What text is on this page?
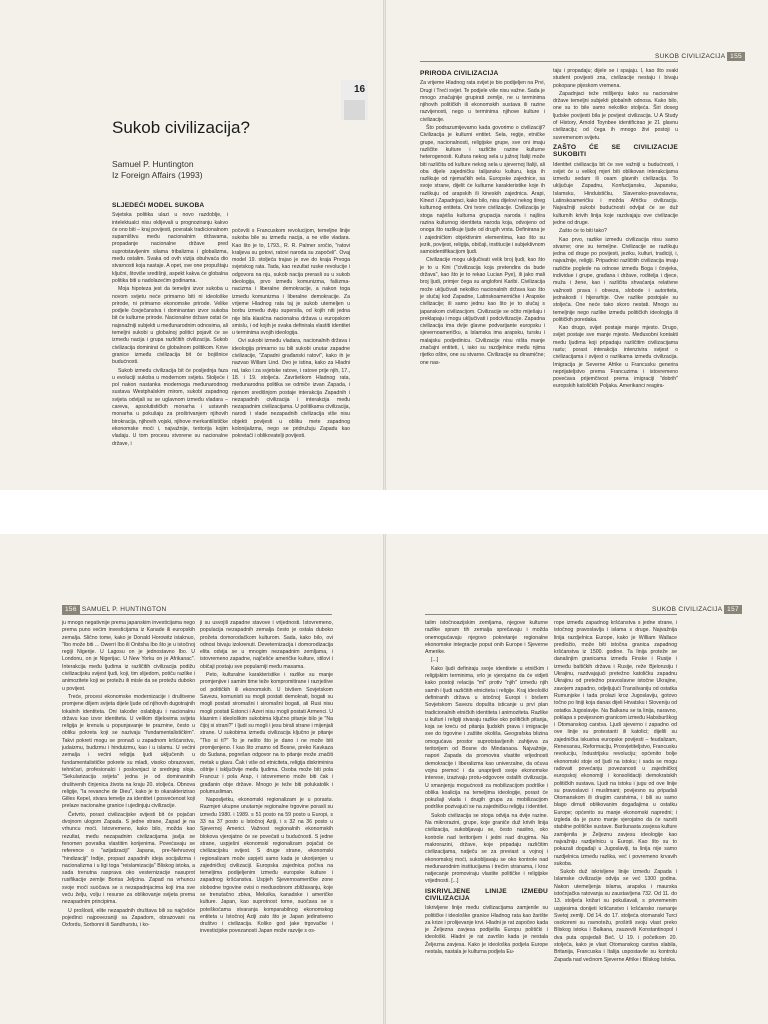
16
Sukob civilizacija?
Samuel P. Huntington
Iz Foreign Affairs (1993)
SLJEDEĆI MODEL SUKOBA

Svjetska politika ulazi u novo razdoblje, i intelektualci nisu oklijevali u prognoziranju kakvo će ono biti – kraj povijesti, povratak tradicionalnom suparništvu među nacionalnim državama, propadanje nacionalne države pred suprotstavljenim silama tribalizma i globalizma, među ostalim. Svaka od ovih vizija obuhvaća dio stvarnosti koja nastaje. A opet, sve one propuštaju ključni, štoviše središnji, aspekt kakva će globalna politika biti u nadolazećim godinama.

Moja hipoteza jest da temeljni izvor sukoba u novom svijetu neće primarno biti ni ideološke prirode, ni primarno ekonomske prirode. Velike podjele čovječanstva i dominantan izvor sukoba bit će kulturne prirode. Nacionalne države ostat će najsnažniji subjekti u međunarodnim odnosima, ali temeljni sukobi u globalnoj politici pojavit će se između nacija i grupa različitih civilizacija. Sukob civilizacija dominirat će globalnom politikom. Krive granice između civilizacija bit će bojišnice budućnosti.

Sukob između civilizacija bit će posljednja faza u evoluciji sukoba u modernom svijetu. Stoljeće i pol nakon nastanka modernoga međunarodnog sustava Westphalskim mirom, sukobi zapadnog svijeta odvijali su se uglavnom između vladara – careva, apsolutističkih monarha i ustavnih monarha u pokušaju za proširivanjem njihovih birokracija, njihovih vojski, njihove merkantilističke ekonomske moći i, najvažnije, teritorija kojim vladaju. U tom procesu stvorene su nacionalne države, i

počevši s Francuskom revolucijom, temeljne linije sukoba bile su između nacija, a ne više vladara. Kao što je to, 1793., R. R. Palmer sročio, "ratovi kraljeva su gotovi, ratovi naroda su započeli". Ovaj model 19. stoljeća trajao je sve do kraja Prvoga svjetskog rata. Tada, kao rezultat ruske revolucije i odgovora na nju, sukob nacija prerasli su u sukob ideologija, prvo između komunizma, fašizma-nacizma i liberalne demokracije, a nakon toga između komunizma i liberalne demokracije. Za vrijeme Hladnog rata taj je sukob utemeljen u borbu između dviju supersila, od kojih niti jedna nije bila klasična nacionalna država u europskom smislu, i od kojih je svaka definirala vlastiti identitet u terminima svojih ideologija.

Ovi sukobi između vladara, nacionalnih država i ideologija primarno su bili sukobi unutar zapadne civilizacije, "Zapadni građanski ratovi", kako ih je nazvao Willam Lind. Ovo je istina, kako za Hladni rat, tako i za svjetske ratove, i ratove prije njih, 17., 18. i 19. stoljeća. Završetkom Hladnog rata, međunarodna politika se odmiče izvan Zapada, i njenom središnjom postaje interakcija Zapadnih i nezapadnih civilizacija i interakcija među nezapadnim civilizacijama. U politikama civilizacija, narodi i vlade nezapadnih civilizacija više nisu objekti povijesti u obliku mete zapadnog kolonijalizma, nego se pridružuju Zapadu kao pokretači i oblikovatelji povijesti.

SUKOB CIVILIZACIJA 155
PRIRODA CIVILIZACIJA

Za vrijeme Hladnog rata svijet je bio podijeljen na Prvi, Drugi i Treći svijet. Te podjele više nisu važne. Sada je mnogo značajnije grupirati zemlje, ne u terminima njihovih političkih ili ekonomskih sustava ili razine razvijenosti, nego u terminima njihove kulture i civilizacije.

Što podrazumijevamo kada govorimo o civilizaciji? Civilizacija je kulturni entitet. Sela, regije, etničke grupe, nacionalnosti, religijske grupe, sve oni imaju različite kulture i različite razine kulturne heterogenosti. Kultura nekog sela u južnoj Italiji može biti različita od kulture nekog sela u sjevernoj Italiji, ali oba dijele zajedničku talijansku kulturu, koja ih razlikuje od njemačkih sela. Europske zajednice, sa svoje strane, dijelit će kulturne karakteristike koje ih razlikuju od arapskih ili kineskih zajednica. Arapi, Kinezi i Zapadnjaci, kako bilo, nisu dijelovi nekog šireg kulturnog entiteta. Oni tvore civilizacije. Civilizacija je stoga najviša kulturna grupacija naroda i najšira razina kulturnog identiteta naroda koja, odvojeno od onoga što razlikuje ljude od drugih vrsta. Definirana je i zajedničkim objektivnim elementima, kao što su jezik, povijest, religija, običaji, institucije i subjektivnom samoidentifikacijom ljudi.

Civilizacije mogu uključivati velik broj ljudi, kao što je to u Kini ("civilizacija koja pretendira da bude država", kao što je to rekao Lucian Pye), ili jako mali broj ljudi, primjer čega su anglofoni Karibi. Civilizacija može uključivati nekoliko nacionalnih država kao što je slučaj kod Zapadne, Latinskoamerničke i Arapske civilizacije; ili samo jednu kao što je to slučaj s japanskom civilizacijom. Civilizacije se očito miješaju i preklapaju i mogu uključivati i podcivilizacije. Zapadna civilizacija ima dvije glavne podvarijante europsku i sjevernoameričku, a Islamska ima arapsku, tursku i malajsku podjedinicu. Civilizacije nisu ništa manje značajni entiteti, i, iako su razdjelnice među njima rijetko oštre, one su stvarne. Civilizacije su dinamične; one nas-

taju i propadaju; dijele se i spajaju. I, kao što svaki student povijesti zna, civilizacije nestaju i bivaju pokopane pijeskom vremena.

Zapadnjaci teže mišljenju kako su nacionalne države temeljni subjekti globalnih odnosa. Kako bilo, one su to bile samo nekoliko stoljeća. Širi doseg ljudske povijesti bila je povijest civilizacija. U A Study of History, Arnold Toynbee identificirao je 21 glavnu civilizaciju; od čega ih mnogo živi postoji u suvremenom svijetu.

ZAŠTO ĆE SE CIVILIZACIJE SUKOBITI

Identitet civilizacija bit će sve važniji u budućnosti, i svijet će u velikoj mjeri biti oblikovan interakcijama između sedam ili osam glavnih civilizacija. To uključuje Zapadnu, Konfucijansku, Japansku, Islamsku, Hinduističku, Slavensko-pravoslavnu, Latinskoameričku i možda Afričku civilizaciju. Najvažniji sukobi budućnosti odvijat će se duž kulturnih krivih linija koje razdvajaju ove civilizacije jedne od druge.

Zašto će to biti tako?

Kao prvo, razlike između civilizacija nisu samo stvarne; one su temeljne. Civilizacije se razlikuju jedna od druge po povijesti, jeziku, kulturi, tradiciji, i, najvažnije, religiji. Pripadnici različitih civilizacija imaju različite poglede na odnose između Boga i čovjeka, individue i grupe, građana i države, roditelja i djece, muža i žene, kao i različita shvaćanja relativne važnosti prava i obveza, slobode i autoriteta, jednakosti i hijerarhije. Ove razlike postojale su stoljeća. One neće tako skoro nestati. Mnogo su temeljnije nego razlike između političkih ideologija ili političkih poredaka.

Kao drugo, svijet postaje manje mjesto. Drugo, svijet postaje sve manje mjesto. Međusobni kontakti među ljudima koji pripadaju različitim civilizacijama rastu; porast interakcija intenzivira svijest o civilizacijama i svijest o razlikama između civilizacija. Imigracija je Severne Afrike u Francusku generira neprijateljstvo prema Francuzima i istovremeno povećava prijemčivost prema imigraciji "dobrih" europskih katoličkih Poljaka. Amerikanci reagira-

156 SAMUEL P. HUNTINGTON

ju mnogo negativnije prema japanskim investicijama nego prema puno većim investicijama iz Kanade ili europskih zemalja. Slično tome, kako je Donald Horowitz istaknuo, "Ibo može biti ... Owerri Ibo ili Onitsha Ibo što je u istočnoj regiji Nigerije. U Lagosu on je jednostavno Ibo. U Londonu, on je Nigerijac. U New Yorku on je Afrikanac". Interakcija među ljudima iz različitih civilizacija podižu civilizacijsku svijest ljudi, koji, tim slijedom, potiču razlike i animozitete koji se protežu ili misle da se protežu duboko u povijest.

Treće, procesi ekonomske modernizacije i društvene promjene diljem svijeta dijele ljude od njihovih dugotrajnih lokalnih identiteta. Oni također oslabljuju i nacionalnu državu kao izvor identiteta. U velikim dijelovima svijeta religija je krenula u popunjavanje te praznine, često u obliku pokreta koji se nazivaju "fundamentalističkim". Takvi pokreti mogu se pronaći u zapadnom kršćanstvu, judaizmu, budizmu i hinduizmu, kao i u islamu. U većini zemalja i većini religija ljudi uključenih u fundamentalističke pokrete su mladi, visoko obrazovani, tehničari, profesionalci i poslovnjaci iz srednjeg sloja. "Sekularizacija svijeta" jedna je od dominantnih društvenih činjenica života na kraju 20. stoljeća. Obnova religije, "la revanche de Dieu", kako je to okarakterizirao Gilles Kepel, stvara temelje za identitet i posvećenost koji prelaze nacionalne granice i ujedinjuju civilizacije.

Četvrto, porast civilizacijske svijesti bit će pojačan dvojnom ulogom Zapada. S jedne strane, Zapad je na vrhuncu moći. Istovremeno, kako bilo, možda kao rezultat, među nezapadnim civilizacijama javlja se fenomen povratka vlastitim korijenima. Povećavaju se reference o "azijatizaciji" Japana, pre-Nehruovoj "hindizaciji" Indije, propast zapadnih ideja socijalizma i nacionalizma i u ligi toga "reislamizacija" Bliskog istoka, a sada trenutna rasprava oko vesternizacije nasuprot rusifikacije zemlje Borisa Jeljcina. Zapad na vrhuncu svoje moći suočava se s nezapadnjacima koji ima sve veću želju, volju i resurse za oblikovanje svijeta prema nezapadnim principima.

U prošlosti, elite nezapadnih društava bili su najčešće pojedinci najpovezaniji sa Zapadom, obrazovani na Oxfordu, Sorbonni ili Sandhurstu, i ko-

ji su usvojili zapadne stavove i vrijednosti. Istovremeno, populacija nezapadnih zemalja često je ostala duboko prožeta domorodačkom kulturom. Sada, kako bilo, ovi odnosi bivaju izokrenuti. Deveternizacija i domorodizacija elita odvija se u mnogim nezapadnim zemljama, i istovremeno zapadne, najčešće američke kulture, stilovi i običaji postaju sve popularniji među masama.

Peto, kulturalne karakteristike i razlike su manje promjenjive i samim time teže kompromitirane i razrješive od političkih ili ekonomskih. U bivšem Sovjetskom Savezu, komunisti su mogli postati demokrati, bogati su mogli postati siromašni i siromašni bogati, ali Rusi nisu mogli postati Estonci i Azeri nisu mogli postati Armenci. U klasnim i ideološkim sukobima ključno pitanje bilo je "Na čijoj si strani?" i ljudi su mogli i jesu birali strane i mijenjali strane. U sukobima između civilizacija ključno je pitanje "Tko si ti?" To je nešto što je dano i ne može biti promijenjeno. I kao što znamo od Bosne, preko Kavkaza do Sudana, pogrešan odgovor na to pitanje može značiti metak u glavu. Čak i više od etniciteta, religija diskriminira oštrije i isključivije među ljudima. Osoba može biti pola Francuz i pola Arap, i istovremeno može biti čak i građanin obje države. Mnogo je teže biti polukatolik i polumusliman.

Naposljetku, ekonomski regionalizam je u porastu. Razmjeri ukupne unutarnje regionalne trgovine porasli su između 1980. i 1989. s 51 posto na 59 posto u Europi, s 33 na 37 posto u Istočnoj Aziji, i s 32 na 36 posto u Sjevernoj Americi. Važnost regionalnih ekonomskih blokova vjerojatno će se povećati u budućnosti. S jedne strane, uspješni ekonomski regionalizam pojačat će civilizacijsku svijest. S druge strane, ekonomski regionalizam može uspjeti samo kada je ukorijenjen u zajedničkoj civilizaciji. Europska zajednica počiva na temeljima podijeljenim između europske kulture i zapadnog kršćanstva. Uspjeh Sjevernoameričke zone slobodne trgovine ovisi o međusobnom zbližavanju, koje se trenutačno zbiva, Meksika, kanadske i američke kulture. Japan, kao suprotnost tome, suočava se s poteškoćama stvaranja komparabilnog ekonomskog entiteta u Istočnoj Aziji zato što je Japan jedinstveno društvo i civilizacija. Koliko god jake trgovačke i investicijske povezanosti Japan može razvije s os-

SUKOB CIVILIZACIJA 157

talim istočnoazijskim zemljama, njegove kulturne razlike spram tih zemalja sprečavaju i možda onemogućavaju njegovo pokretanje regionalne ekonomske integracije poput onih Europe i Sjeverne Amerike.

[...]

Kako ljudi definiraju svoje identitete u etničkim i religijskim terminima, vrlo je vjerojatno da će vidjeti kako postoji relacija "mi" protiv "njih" između njih samih i ljudi različitih etniciteta i religije. Kraj ideološki definiranih država u istočnoj Europi i bivšem Sovjetskom Savezu dopušta isticanje u prvi plan tradicionalnih etničkih identiteta i animoziteta. Razlike u kulturi i religiji stvaraju razlike oko političkih pitanja, koja se kreću od pitanja ljudskih prava i imigracije sve do trgovine i zaštite okoliša. Geografska blizina omogućava prostor suprotstavljenih zahtjeva za teritorijem od Bosne do Mindanaoa. Najvažnije, napori Zapada da promovira vlastite vrijednosti demokracije i liberalizma kao univerzalne, da očuva vojnu premoć i da unaprijedi svoje ekonomske interese, izazivaju protu-odgovore ostalih civilizacija. U smanjenju mogućnosti za mobilizacijom podrške i oblika koalicija na temeljima ideologije, porast će pokušaji vlada i drugih grupa za mobilizacijom podrške pozivajući se na zajedničku religiju i identitet.

Sukob civilizacija se stoga odvija na dvije razine. Na mikrorazini, grupe, koje graniče duž krivih linija civilizacija, sukobljavaju se, često nasilno, oko kontrole nad teritorijem i jedni nad drugima. Na makrorazini, države, koje pripadaju različitim civilizacijama, natječu se za previast u vojnoj i ekonomskoj moći, sukobljavaju se oko kontrole nad međunarodnim institucijama i trećim stranama, i kroz natjecanje promoviraju vlastite političke i religijske vrijednosti. [...]

ISKRIVLJENE LINIJE IZMEĐU CIVILIZACIJA

Iskrivljene linije među civilizacijama zamjenile su političke i ideološke granice Hladnog rata kao žarište za krize i prolijevanje krvi. Hladni je rat započeo kada je Željezna zavjesa podijelila Europu politički i ideološki. Hladni je rat završio kada je nestala Željezna zavjesa. Kako je ideološka podjela Europe nestala, nastala je kulturna podjela Eu-

rope između zapadnog kršćanstva s jedne strane, i istočnog pravoslavlja i islama s druge. Najvažnija linija razdjelnica Europe, kako je William Wallace predložio, može biti istočna granica zapadnog kršćanstva iz 1500. godine. Ta linija proteže se današnjim granicama između Finske i Rusije i između baltičkih država i Rusije, reže Bjelorusiju i Ukrajinu, razdvajajući pretežno katoličku zapadnu Ukrajinu od pretežno pravoslavne istočne Ukrajine, zavojem zapadno, odjeljujući Transilvaniju od ostatka Rumunjske i tada prolazi kroz Jugoslaviju, gotovo točno po liniji koja danas dijeli Hrvatsku i Sloveniju od ostatka Jugoslavije. Na Balkanu se ta linija, naravno, poklapa s povijesnom granicom između Habsburškog i Otomanskog carstva. Ljudi sjeverno i zapadno od ove linije su protestanti ili katolici; dijelili su zajednička iskustva europske povijesti – feudalizam, Renesansu, Reformaciju, Prosvjetiteljstvo, Francusku revoluciju, Industrijsku revoluciju; općenito bolje ekonomski stoje od ljudi na istoku; i sada se mogu radovati povećanju povezanosti u zajedničkoj europskoj ekonomiji i konsolidaciji demokratskih političkih sustava. Ljudi na istoku i jugu od ove linije su pravoslavci i muslimani; povijesno su pripadali Otomanskom ili drugim carstvima, i bili su samo blago dirnuti oblikovanim događajima u ostatku Europe; općenito su manje ekonomski napredni; i izgleda da je puno manje vjerojatno da će razviti stabilne političke sustave. Baršunasta zavjesa kulture zamijenila je Željeznu zavjesu ideologije kao najvažniju razdjelnicu u Europi. Kao što su to pokazali događaji u Jugoslaviji, ta linija nije samo razdjelnica između razlika, već i povremeno krvavih sukoba.

Sukob duž iskrivljene linije između Zapada i Islamske civilizacije odvija se već 1300 godina. Nakon utemeljenja islama, arapska i maurska istočnjačka ratovanja su zaustavljena 732. Od 11. do 13. stoljeća križari su pokušavali, s privremenim uspjesima donijeti kršćanstvo i kršćansko ravnanje Svetoj zemlji. Od 14. do 17. stoljeća otomanski Turci osokoreni su ravnotežu, proširili svoju vlast preko Bliskog istoka i Balkana, zauzevši Konstantinopol i dva puta opsjedali Beč. U 19. i početkom 20. stoljeća, kako je vlast Otomanskog carstva slabila, Britanija, Francuska i Italija uspostavile su kontrolu Zapada nad većinom Sjeverne Afrike i Bliskog Istoka.
